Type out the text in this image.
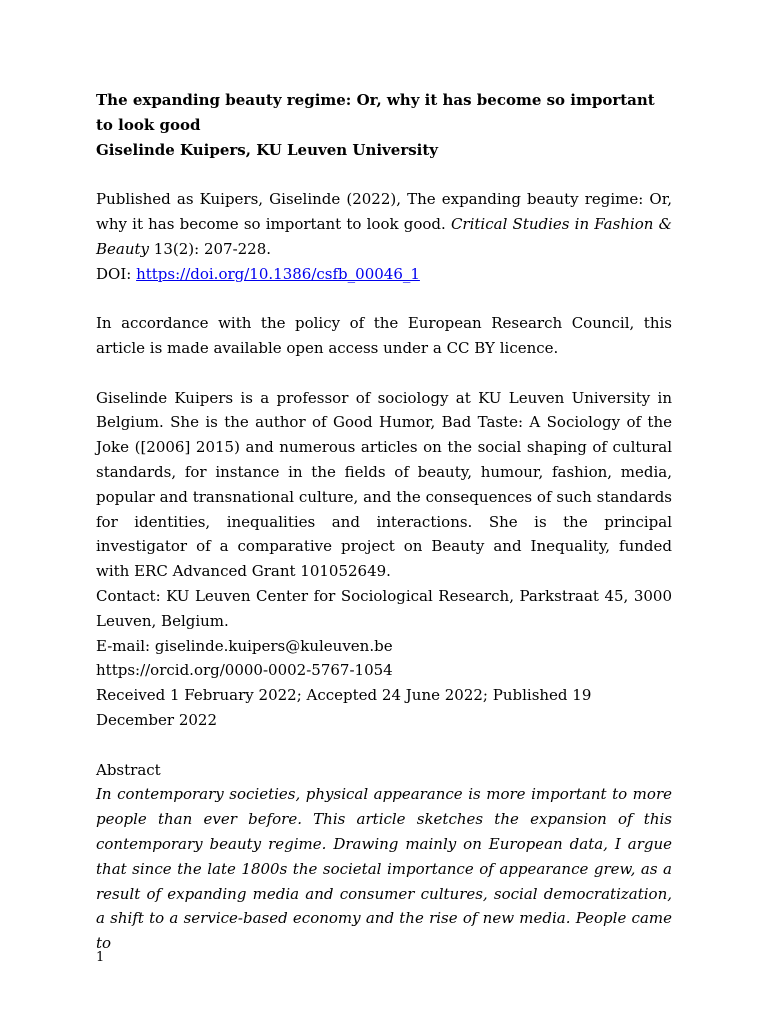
The expanding beauty regime: Or, why it has become so important to look good
Giselinde Kuipers, KU Leuven University
Published as Kuipers, Giselinde (2022), The expanding beauty regime: Or, why it has become so important to look good. Critical Studies in Fashion & Beauty 13(2): 207-228.
DOI: https://doi.org/10.1386/csfb_00046_1
In accordance with the policy of the European Research Council, this article is made available open access under a CC BY licence.
Giselinde Kuipers is a professor of sociology at KU Leuven University in Belgium. She is the author of Good Humor, Bad Taste: A Sociology of the Joke ([2006] 2015) and numerous articles on the social shaping of cultural standards, for instance in the fields of beauty, humour, fashion, media, popular and transnational culture, and the consequences of such standards for identities, inequalities and interactions. She is the principal investigator of a comparative project on Beauty and Inequality, funded with ERC Advanced Grant 101052649.
Contact: KU Leuven Center for Sociological Research, Parkstraat 45, 3000 Leuven, Belgium.
E-mail: giselinde.kuipers@kuleuven.be
https://orcid.org/0000-0002-5767-1054
Received 1 February 2022; Accepted 24 June 2022; Published 19 December 2022
Abstract
In contemporary societies, physical appearance is more important to more people than ever before. This article sketches the expansion of this contemporary beauty regime. Drawing mainly on European data, I argue that since the late 1800s the societal importance of appearance grew, as a result of expanding media and consumer cultures, social democratization, a shift to a service-based economy and the rise of new media. People came to
1
